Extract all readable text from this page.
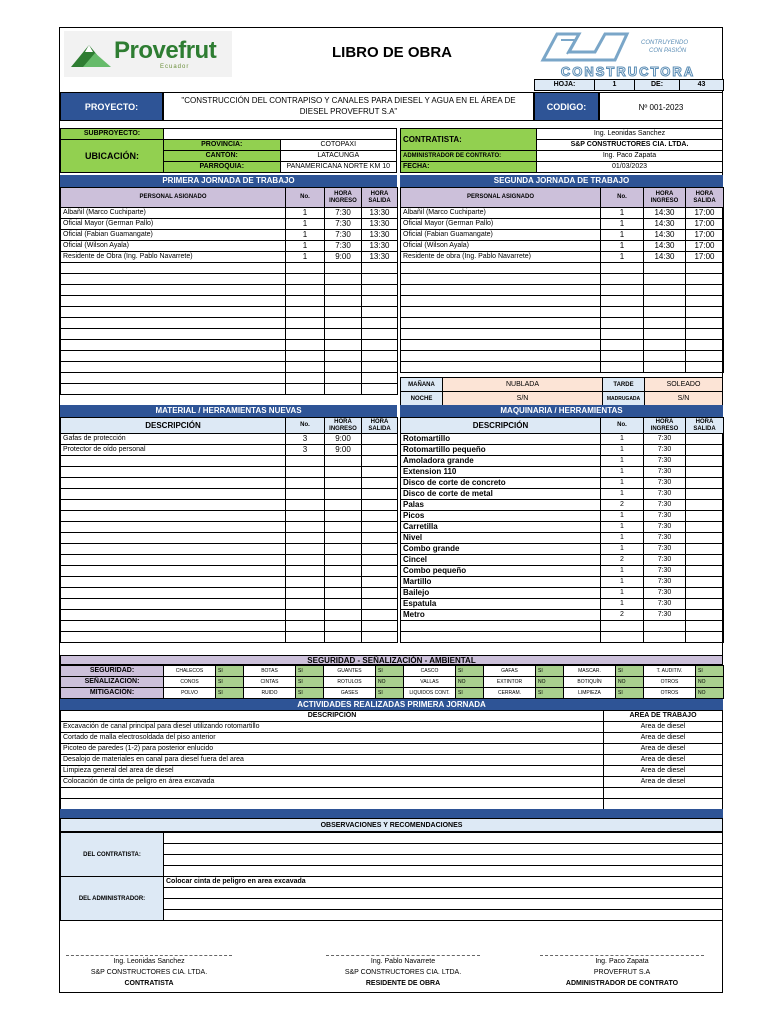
Provefrut
Ecuador
LIBRO DE OBRA
CONTRUYENDO
CON PASIÓN
CONSTRUCTORA
HOJA:	1	DE:	43
PROYECTO:
"CONSTRUCCIÓN DEL CONTRAPISO Y CANALES PARA DIESEL Y AGUA EN EL ÁREA DE DIESEL PROVEFRUT S.A"	CODIGO:	Nº 001-2023
SUBPROYECTO:		
UBICACIÓN:	PROVINCIA:	COTOPAXI
	CANTÓN:	LATACUNGA
	PARROQUIA:	PANAMERICANA NORTE KM 10
CONTRATISTA:	Ing. Leonidas Sanchez
	S&P CONSTRUCTORES CIA. LTDA.
ADMINISTRADOR DE CONTRATO:	Ing. Paco Zapata
FECHA:	01/03/2023
PRIMERA JORNADA DE TRABAJO	SEGUNDA JORNADA DE TRABAJO
PERSONAL ASIGNADO	No.	HORA INGRESO	HORA SALIDA
Albañil (Marco Cuchiparte)	1	7:30	13:30
Oficial Mayor (German Pallo)	1	7:30	13:30
Oficial (Fabian Guamangate)	1	7:30	13:30
Oficial (Wilson Ayala)	1	7:30	13:30
Residente de Obra (Ing. Pablo Navarrete)	1	9:00	13:30

PERSONAL ASIGNADO	No.	HORA INGRESO	HORA SALIDA
Albañil (Marco Cuchiparte)	1	14:30	17:00
Oficial Mayor (German Pallo)	1	14:30	17:00
Oficial (Fabian Guamangate)	1	14:30	17:00
Oficial (Wilson Ayala)	1	14:30	17:00
Residente de obra (Ing. Pablo Navarrete)	1	14:30	17:00

MAÑANA	NUBLADA	TARDE	SOLEADO
NOCHE	S/N	MADRUGADA	S/N
MATERIAL / HERRAMIENTAS NUEVAS	MAQUINARIA / HERRAMIENTAS
DESCRIPCIÓN	No.	HORA INGRESO	HORA SALIDA
Gafas de protección	3	9:00	
Protector de oído personal	3	9:00	

DESCRIPCIÓN	No.	HORA INGRESO	HORA SALIDA
Rotomartillo	1	7:30	
Rotomartillo pequeño	1	7:30	
Amoladora grande	1	7:30	
Extension 110	1	7:30	
Disco de corte de concreto	1	7:30	
Disco de corte de metal	1	7:30	
Palas	2	7:30	
Picos	1	7:30	
Carretilla	1	7:30	
Nivel	1	7:30	
Combo grande	1	7:30	
Cincel	2	7:30	
Combo pequeño	1	7:30	
Martillo	1	7:30	
Bailejo	1	7:30	
Espatula	1	7:30	
Metro	2	7:30	

SEGURIDAD - SEÑALIZACIÓN - AMBIENTAL
SEGURIDAD:	CHALECOS	SI	BOTAS	SI	GUANTES	SI	CASCO	SI	GAFAS	SI	MASCAR.	SI	T. AUDITIV.	SI
SEÑALIZACION:	CONOS	SI	CINTAS	SI	ROTULOS	NO	VALLAS	NO	EXTINTOR	NO	BOTIQUÍN	NO	OTROS	NO
MITIGACIÓN:	POLVO	SI	RUIDO	SI	GASES	SI	LIQUIDOS CONT.	SI	CERRAM.	SI	LIMPIEZA	SI	OTROS	NO
ACTIVIDADES REALIZADAS PRIMERA JORNADA
DESCRIPCIÓN	AREA DE TRABAJO
Excavación de canal principal para diesel utilizando rotomartillo	Area de diesel
Cortado de malla electrosoldada del piso anterior	Area de diesel
Picoteo de paredes (1-2) para posterior enlucido	Area de diesel
Desalojo de materiales en canal para diesel fuera del area	Area de diesel
Limpieza general del area de diesel	Area de diesel
Colocación de cinta de peligro en área excavada	Area de diesel

OBSERVACIONES Y RECOMENDACIONES
DEL CONTRATISTA:	

DEL ADMINISTRADOR:	Colocar cinta de peligro en area excavada

Ing. Leonidas Sanchez
S&P CONSTRUCTORES CIA. LTDA.
CONTRATISTA
Ing. Pablo Navarrete
S&P CONSTRUCTORES CIA. LTDA.
RESIDENTE DE OBRA
Ing. Paco Zapata
PROVEFRUT S.A
ADMINISTRADOR DE CONTRATO
